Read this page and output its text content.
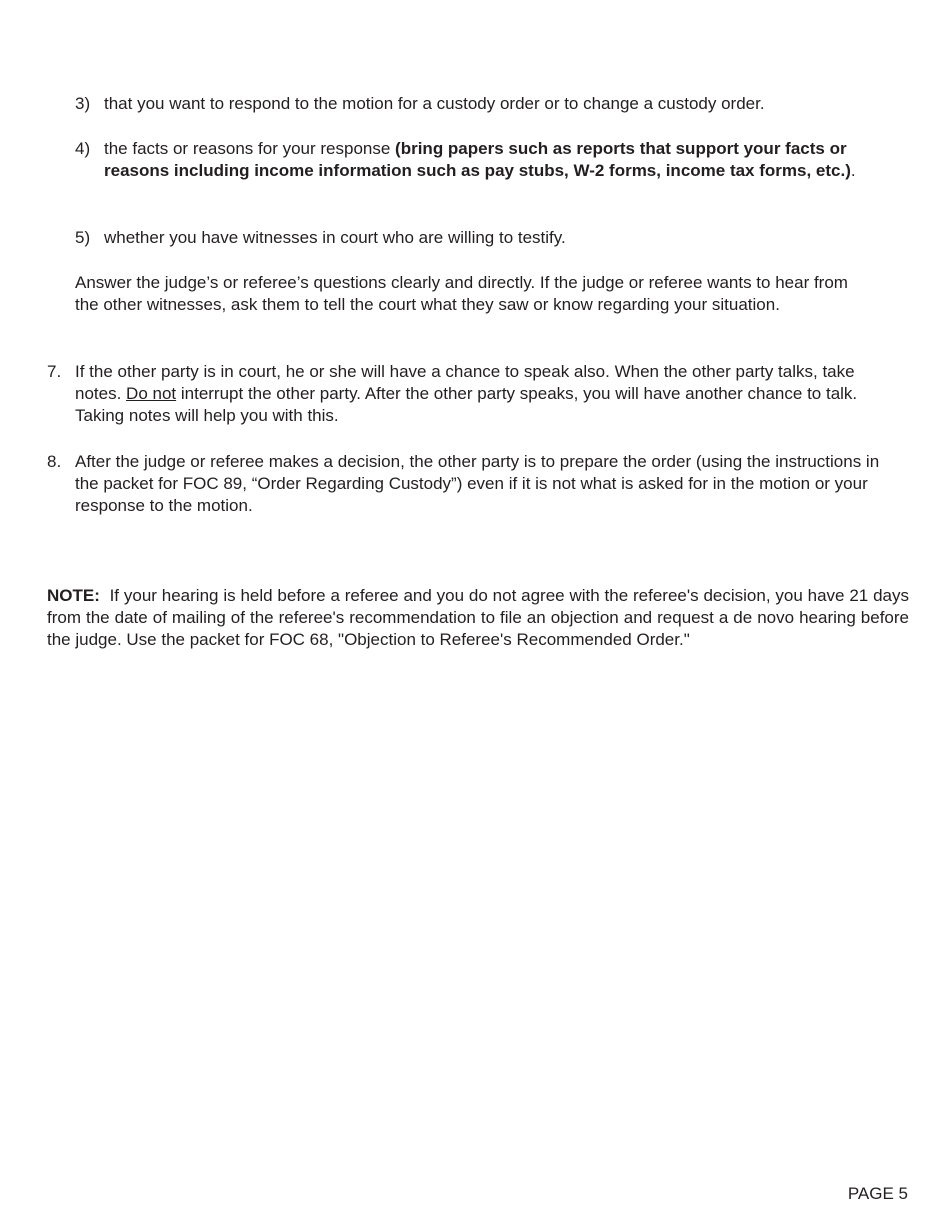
3) that you want to respond to the motion for a custody order or to change a custody order.
4) the facts or reasons for your response (bring papers such as reports that support your facts or reasons including income information such as pay stubs, W-2 forms, income tax forms, etc.).
5) whether you have witnesses in court who are willing to testify.
Answer the judge’s or referee’s questions clearly and directly. If the judge or referee wants to hear from the other witnesses, ask them to tell the court what they saw or know regarding your situation.
7. If the other party is in court, he or she will have a chance to speak also. When the other party talks, take notes. Do not interrupt the other party. After the other party speaks, you will have another chance to talk. Taking notes will help you with this.
8. After the judge or referee makes a decision, the other party is to prepare the order (using the instructions in the packet for FOC 89, “Order Regarding Custody”) even if it is not what is asked for in the motion or your response to the motion.
NOTE: If your hearing is held before a referee and you do not agree with the referee's decision, you have 21 days from the date of mailing of the referee's recommendation to file an objection and request a de novo hearing before the judge. Use the packet for FOC 68, "Objection to Referee's Recommended Order."
PAGE 5
